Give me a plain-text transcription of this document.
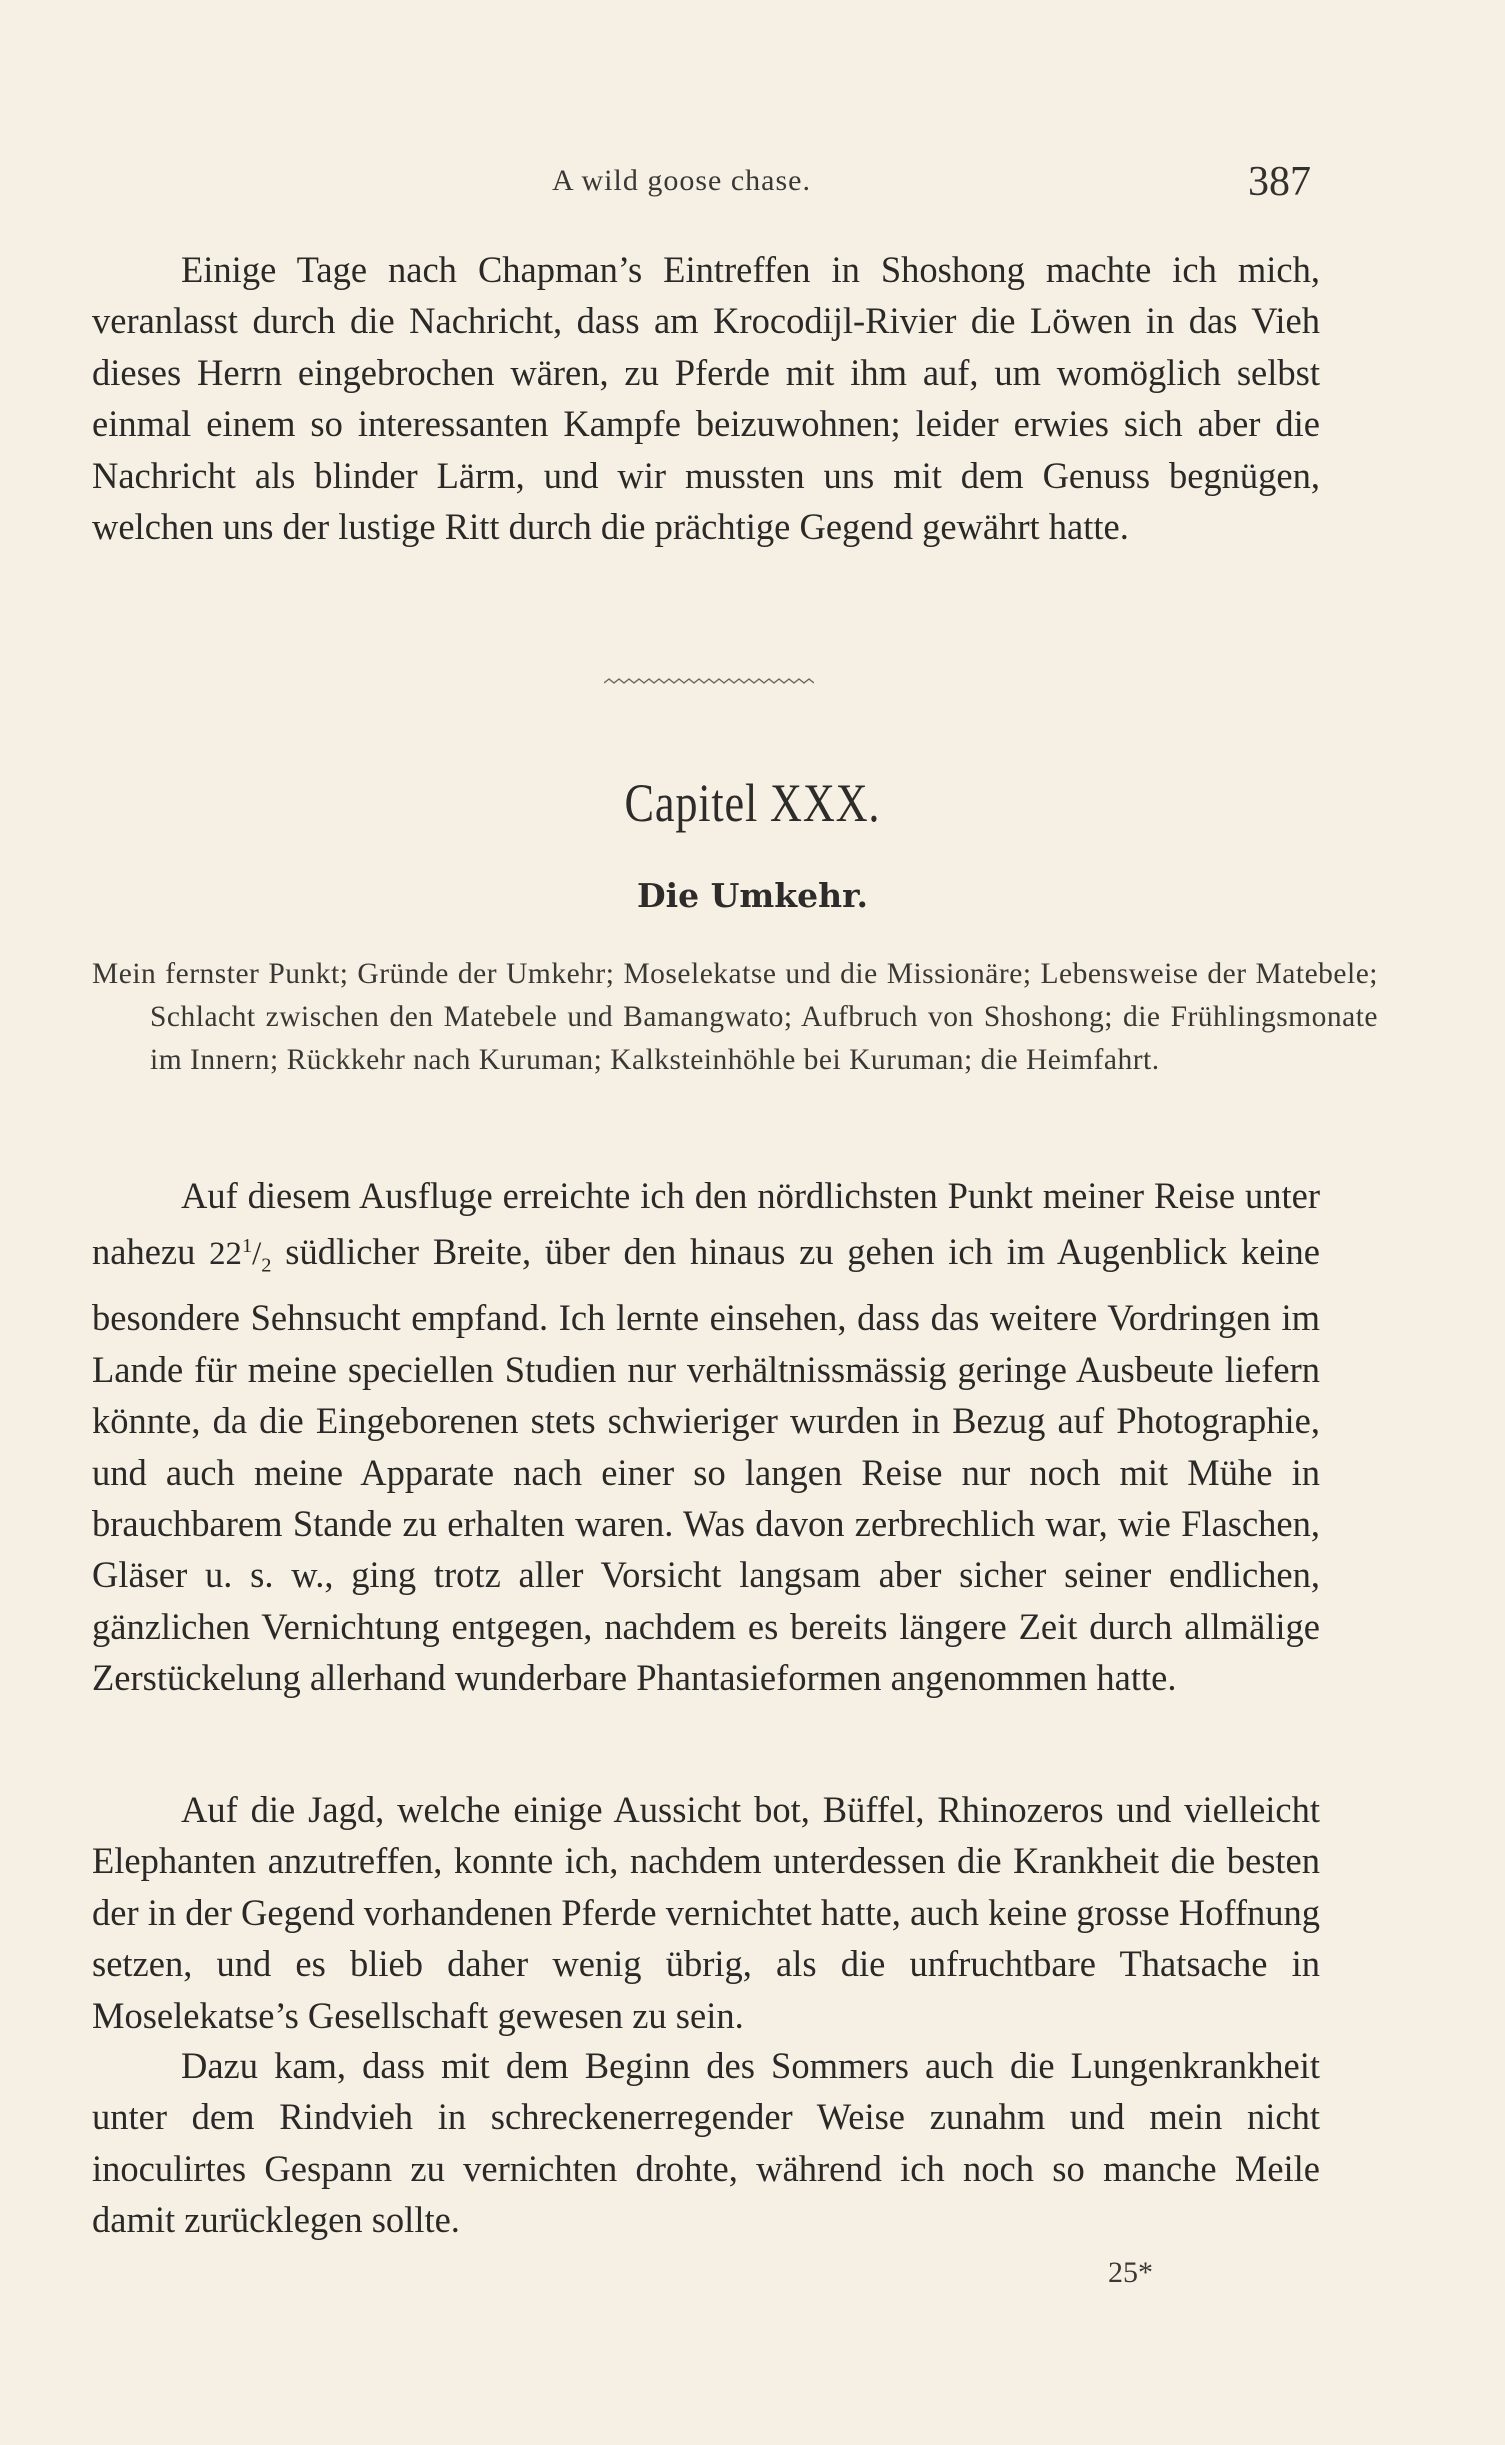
A wild goose chase.	387

Einige Tage nach Chapman’s Eintreffen in Shoshong machte ich mich, veranlasst durch die Nachricht, dass am Krocodijl-Rivier die Löwen in das Vieh dieses Herrn eingebrochen wären, zu Pferde mit ihm auf, um womöglich selbst einmal einem so interessanten Kampfe beizuwohnen; leider erwies sich aber die Nachricht als blinder Lärm, und wir mussten uns mit dem Genuss begnügen, welchen uns der lustige Ritt durch die prächtige Gegend gewährt hatte.

Capitel XXX.
Die Umkehr.

Mein fernster Punkt; Gründe der Umkehr; Moselekatse und die Missionäre; Lebensweise der Matebele; Schlacht zwischen den Matebele und Bamangwato; Aufbruch von Shoshong; die Frühlingsmonate im Innern; Rückkehr nach Kuruman; Kalksteinhöhle bei Kuruman; die Heimfahrt.

Auf diesem Ausfluge erreichte ich den nördlichsten Punkt meiner Reise unter nahezu $22^1/_2$ südlicher Breite, über den hinaus zu gehen ich im Augenblick keine besondere Sehnsucht empfand. Ich lernte einsehen, dass das weitere Vordringen im Lande für meine speciellen Studien nur verhältnissmässig geringe Ausbeute liefern könnte, da die Eingeborenen stets schwieriger wurden in Bezug auf Photographie, und auch meine Apparate nach einer so langen Reise nur noch mit Mühe in brauchbarem Stande zu erhalten waren. Was davon zerbrechlich war, wie Flaschen, Gläser u. s. w., ging trotz aller Vorsicht langsam aber sicher seiner endlichen, gänzlichen Vernichtung entgegen, nachdem es bereits längere Zeit durch allmälige Zerstückelung allerhand wunderbare Phantasieformen angenommen hatte.

Auf die Jagd, welche einige Aussicht bot, Büffel, Rhinozeros und vielleicht Elephanten anzutreffen, konnte ich, nachdem unterdessen die Krankheit die besten der in der Gegend vorhandenen Pferde vernichtet hatte, auch keine grosse Hoffnung setzen, und es blieb daher wenig übrig, als die unfruchtbare Thatsache in Moselekatse’s Gesellschaft gewesen zu sein.

Dazu kam, dass mit dem Beginn des Sommers auch die Lungenkrankheit unter dem Rindvieh in schreckenerregender Weise zunahm und mein nicht inoculirtes Gespann zu vernichten drohte, während ich noch so manche Meile damit zurücklegen sollte.

25*
